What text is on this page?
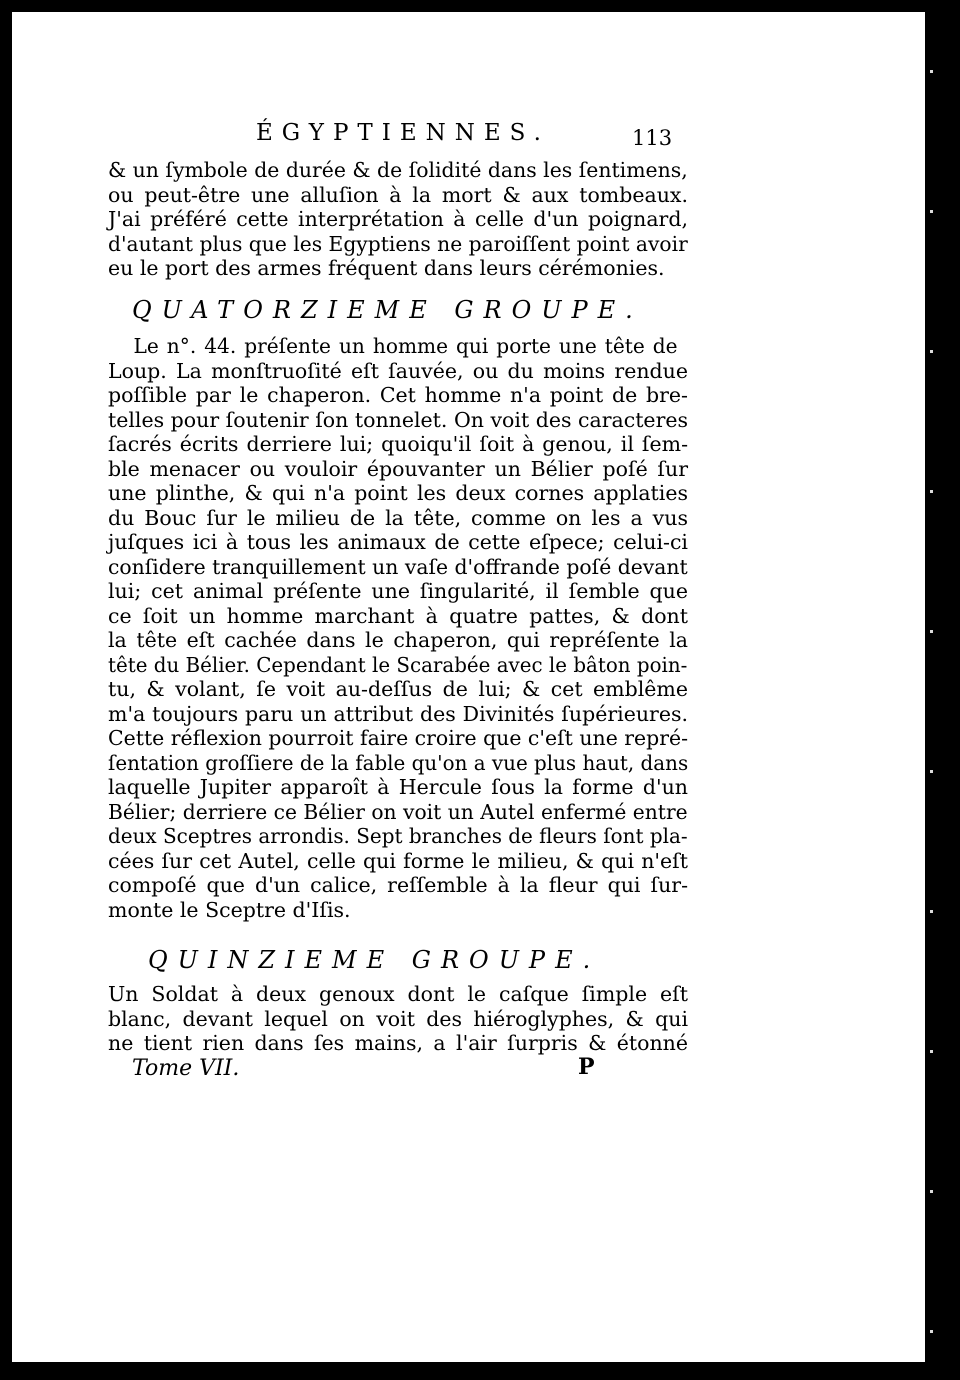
ÉGYPTIENNES.	113

& un ſymbole de durée & de ſolidité dans les ſentimens,
ou peut-être une alluſion à la mort & aux tombeaux.
J'ai préféré cette interprétation à celle d'un poignard,
d'autant plus que les Egyptiens ne paroiſſent point avoir
eu le port des armes fréquent dans leurs cérémonies.

QUATORZIEME GROUPE.

Le n°. 44. préſente un homme qui porte une tête de
Loup. La monſtruoſité eſt ſauvée, ou du moins rendue
poſſible par le chaperon. Cet homme n'a point de bre-
telles pour ſoutenir ſon tonnelet. On voit des caracteres
ſacrés écrits derriere lui; quoiqu'il ſoit à genou, il ſem-
ble menacer ou vouloir épouvanter un Bélier poſé ſur
une plinthe, & qui n'a point les deux cornes applaties
du Bouc ſur le milieu de la tête, comme on les a vus
juſques ici à tous les animaux de cette eſpece; celui-ci
conſidere tranquillement un vaſe d'offrande poſé devant
lui; cet animal préſente une ſingularité, il ſemble que
ce ſoit un homme marchant à quatre pattes, & dont
la tête eſt cachée dans le chaperon, qui repréſente la
tête du Bélier. Cependant le Scarabée avec le bâton poin-
tu, & volant, ſe voit au-deſſus de lui; & cet emblême
m'a toujours paru un attribut des Divinités ſupérieures.
Cette réflexion pourroit faire croire que c'eſt une repré-
ſentation groſſiere de la fable qu'on a vue plus haut, dans
laquelle Jupiter apparoît à Hercule ſous la forme d'un
Bélier; derriere ce Bélier on voit un Autel enfermé entre
deux Sceptres arrondis. Sept branches de fleurs ſont pla-
cées ſur cet Autel, celle qui forme le milieu, & qui n'eſt
compoſé que d'un calice, reſſemble à la fleur qui ſur-
monte le Sceptre d'Iſis.

QUINZIEME GROUPE.

Un Soldat à deux genoux dont le caſque ſimple eſt
blanc, devant lequel on voit des hiéroglyphes, & qui
ne tient rien dans ſes mains, a l'air ſurpris & étonné

Tome VII.	P
